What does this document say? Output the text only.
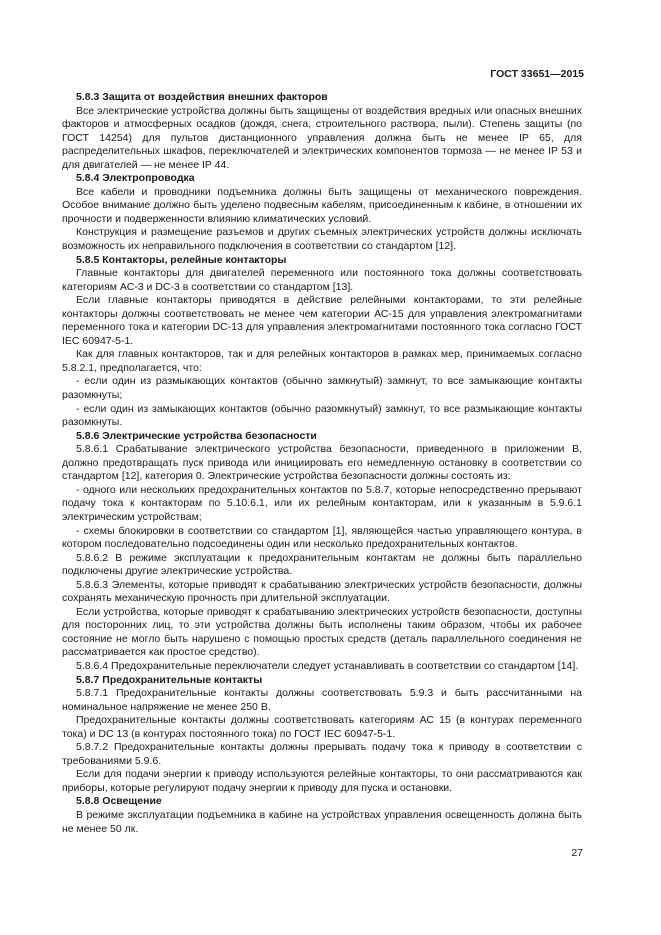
ГОСТ 33651—2015
5.8.3 Защита от воздействия внешних факторов

Все электрические устройства должны быть защищены от воздействия вредных или опасных внешних факторов и атмосферных осадков (дождя, снега, строительного раствора, пыли). Степень защиты (по ГОСТ 14254) для пультов дистанционного управления должна быть не менее IP 65, для распределительных шкафов, переключателей и электрических компонентов тормоза — не менее IP 53 и для двигателей — не менее IP 44.

5.8.4 Электропроводка

Все кабели и проводники подъемника должны быть защищены от механического повреждения. Особое внимание должно быть уделено подвесным кабелям, присоединенным к кабине, в отношении их прочности и подверженности влиянию климатических условий.

Конструкция и размещение разъемов и других съемных электрических устройств должны исключать возможность их неправильного подключения в соответствии со стандартом [12].

5.8.5 Контакторы, релейные контакторы

Главные контакторы для двигателей переменного или постоянного тока должны соответствовать категориям АС-3 и DC-3 в соответствии со стандартом [13].

Если главные контакторы приводятся в действие релейными контакторами, то эти релейные контакторы должны соответствовать не менее чем категории АС-15 для управления электромагнитами переменного тока и категории DC-13 для управления электромагнитами постоянного тока согласно ГОСТ IEC 60947-5-1.

Как для главных контакторов, так и для релейных контакторов в рамках мер, принимаемых согласно 5.8.2.1, предполагается, что:

- если один из размыкающих контактов (обычно замкнутый) замкнут, то все замыкающие контакты разомкнуты;

- если один из замыкающих контактов (обычно разомкнутый) замкнут, то все размыкающие контакты разомкнуты.

5.8.6 Электрические устройства безопасности

5.8.6.1 Срабатывание электрического устройства безопасности, приведенного в приложении В, должно предотвращать пуск привода или инициировать его немедленную остановку в соответствии со стандартом [12], категория 0. Электрические устройства безопасности должны состоять из:

- одного или нескольких предохранительных контактов по 5.8.7, которые непосредственно прерывают подачу тока к контакторам по 5.10.6.1, или их релейным контакторам, или к указанным в 5.9.6.1 электрическим устройствам;

- схемы блокировки в соответствии со стандартом [1], являющейся частью управляющего контура, в котором последовательно подсоединены один или несколько предохранительных контактов.

5.8.6.2 В режиме эксплуатации к предохранительным контактам не должны быть параллельно подключены другие электрические устройства.

5.8.6.3 Элементы, которые приводят к срабатыванию электрических устройств безопасности, должны сохранять механическую прочность при длительной эксплуатации.

Если устройства, которые приводят к срабатыванию электрических устройств безопасности, доступны для посторонних лиц, то эти устройства должны быть исполнены таким образом, чтобы их рабочее состояние не могло быть нарушено с помощью простых средств (деталь параллельного соединения не рассматривается как простое средство).

5.8.6.4 Предохранительные переключатели следует устанавливать в соответствии со стандартом [14].

5.8.7 Предохранительные контакты

5.8.7.1 Предохранительные контакты должны соответствовать 5.9.3 и быть рассчитанными на номинальное напряжение не менее 250 В.

Предохранительные контакты должны соответствовать категориям АС 15 (в контурах переменного тока) и DC 13 (в контурах постоянного тока) по ГОСТ IEC 60947-5-1.

5.8.7.2 Предохранительные контакты должны прерывать подачу тока к приводу в соответствии с требованиями 5.9.6.

Если для подачи энергии к приводу используются релейные контакторы, то они рассматриваются как приборы, которые регулируют подачу энергии к приводу для пуска и остановки.

5.8.8 Освещение

В режиме эксплуатации подъемника в кабине на устройствах управления освещенность должна быть не менее 50 лк.

27
